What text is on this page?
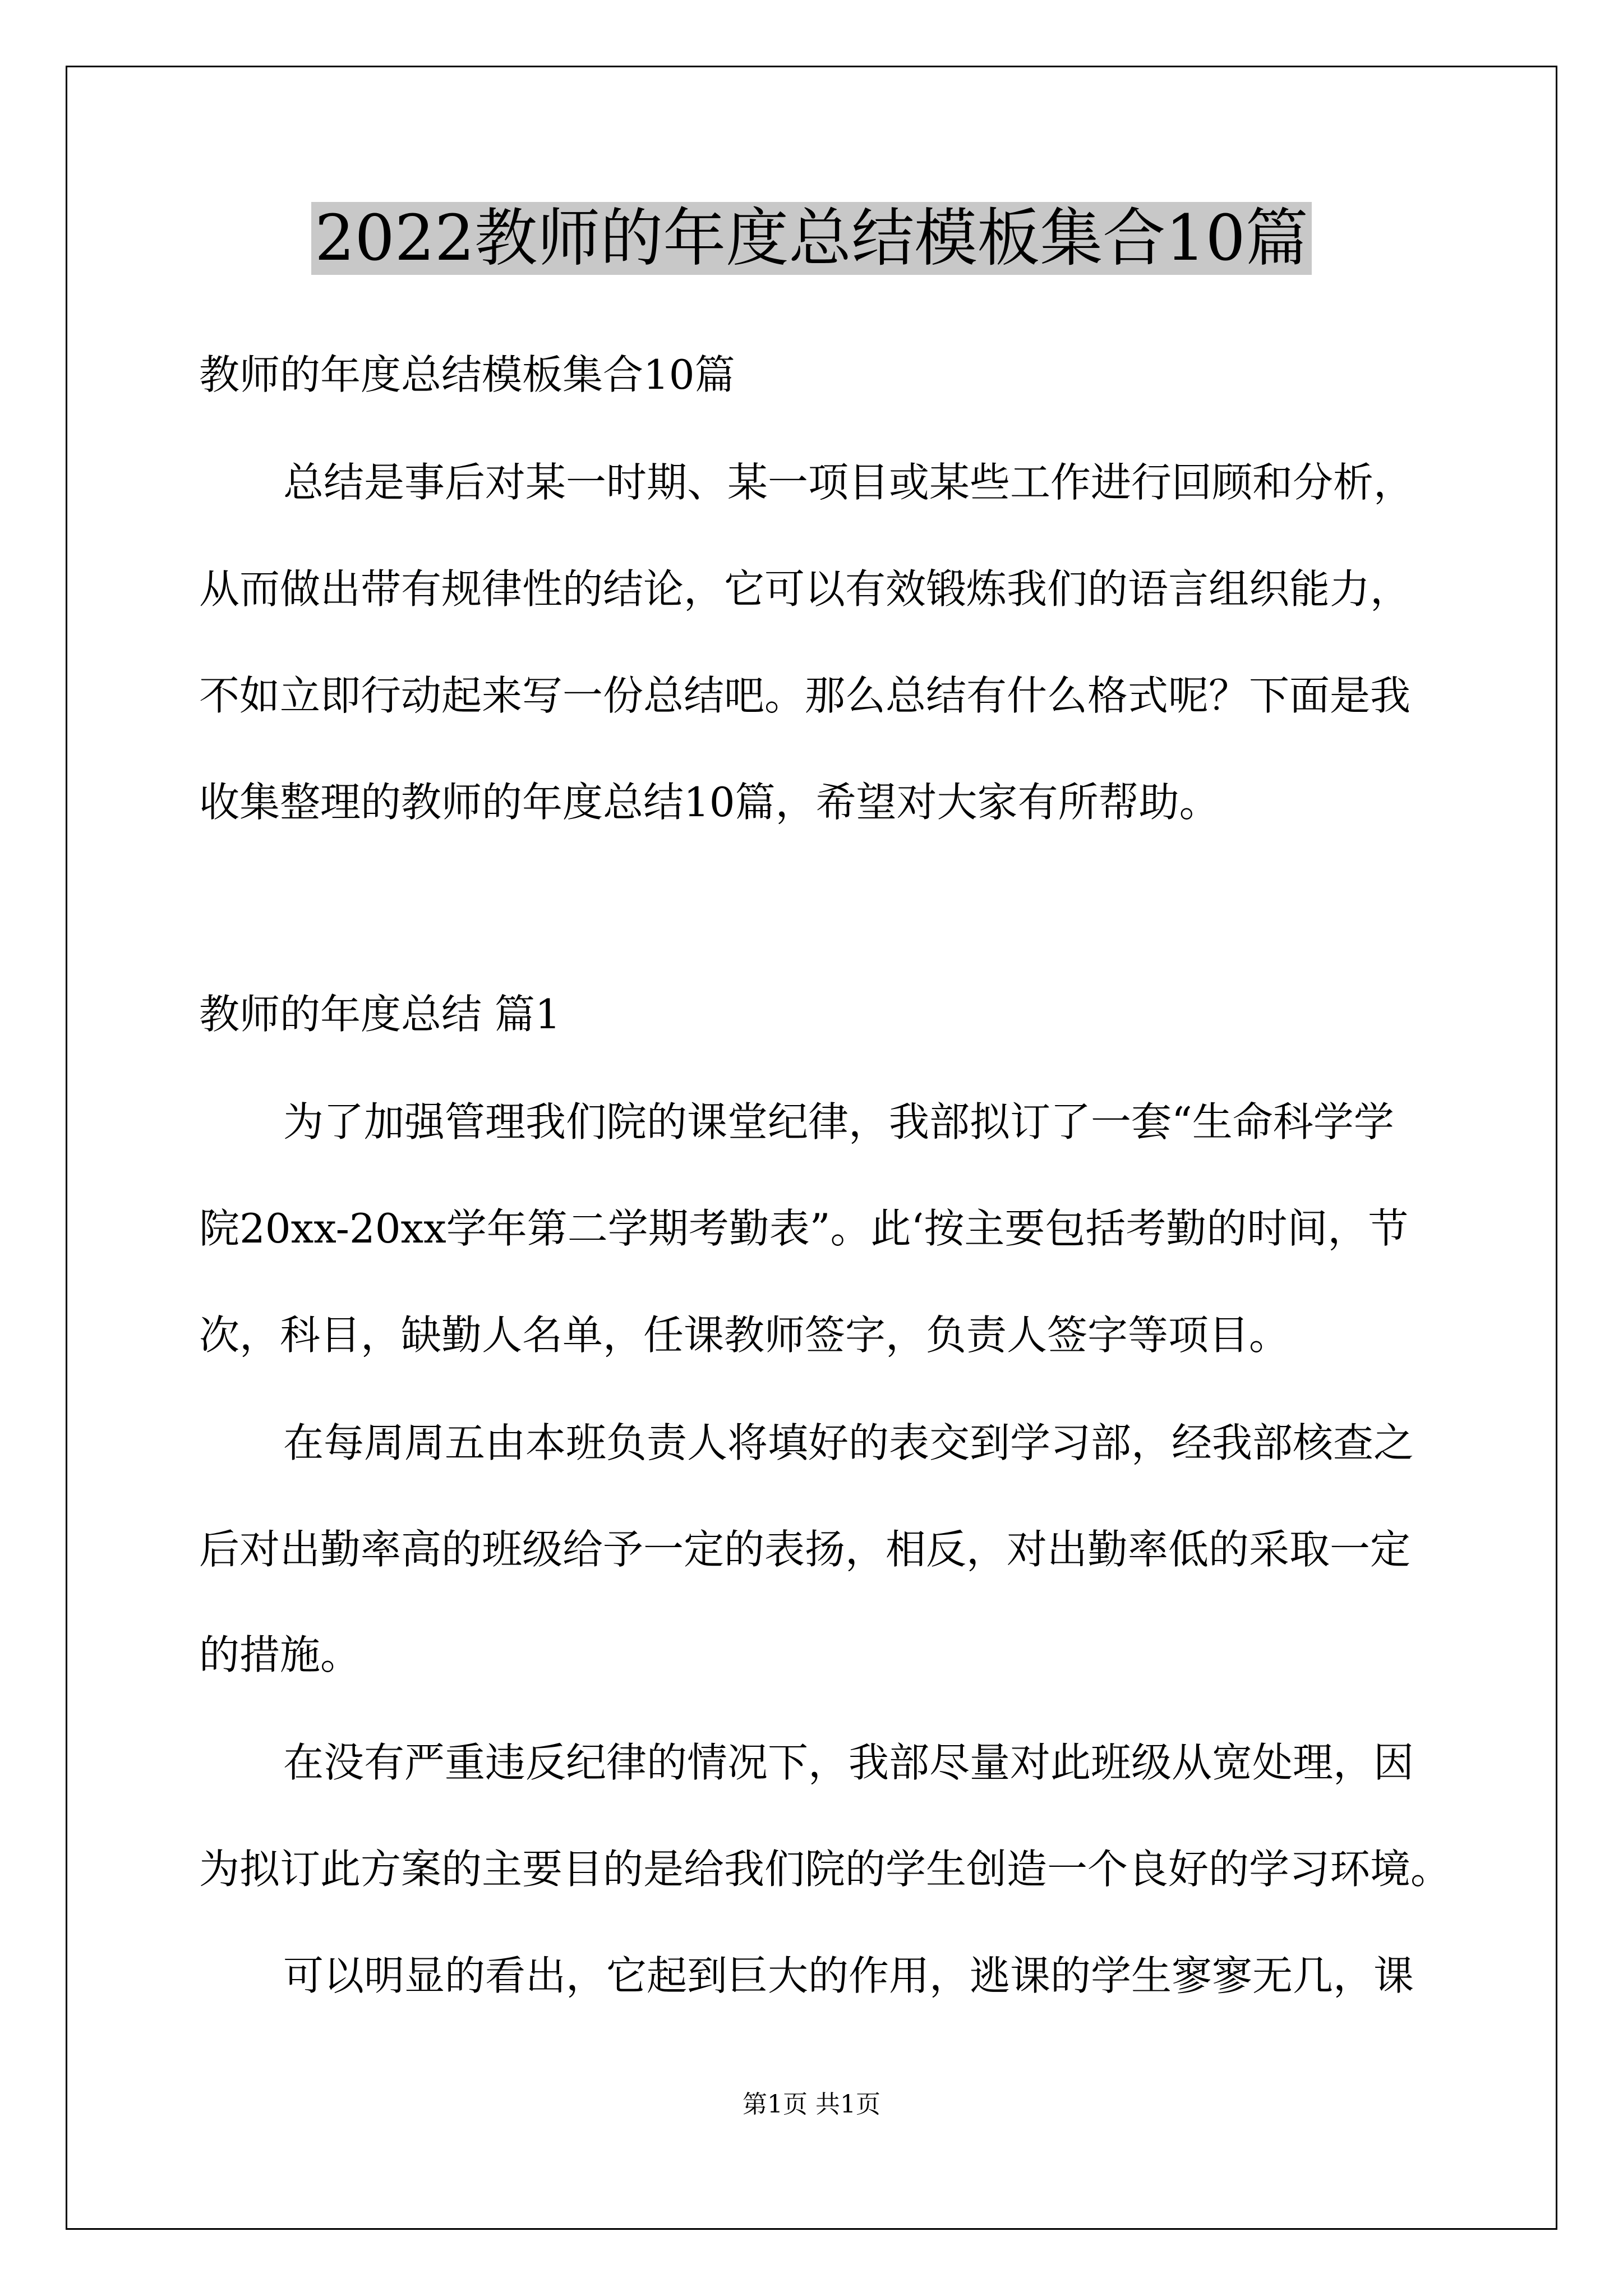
2022教师的年度总结模板集合10篇
教师的年度总结模板集合10篇
总结是事后对某一时期、某一项目或某些工作进行回顾和分析，
从而做出带有规律性的结论，它可以有效锻炼我们的语言组织能力，
不如立即行动起来写一份总结吧。那么总结有什么格式呢？下面是我
收集整理的教师的年度总结10篇，希望对大家有所帮助。
教师的年度总结 篇1
为了加强管理我们院的课堂纪律，我部拟订了一套“生命科学学
院20xx-20xx学年第二学期考勤表”。此‘按主要包括考勤的时间，节
次，科目，缺勤人名单，任课教师签字，负责人签字等项目。
在每周周五由本班负责人将填好的表交到学习部，经我部核查之
后对出勤率高的班级给予一定的表扬，相反，对出勤率低的采取一定
的措施。
在没有严重违反纪律的情况下，我部尽量对此班级从宽处理，因
为拟订此方案的主要目的是给我们院的学生创造一个良好的学习环境。
可以明显的看出，它起到巨大的作用，逃课的学生寥寥无几，课
第1页 共1页
